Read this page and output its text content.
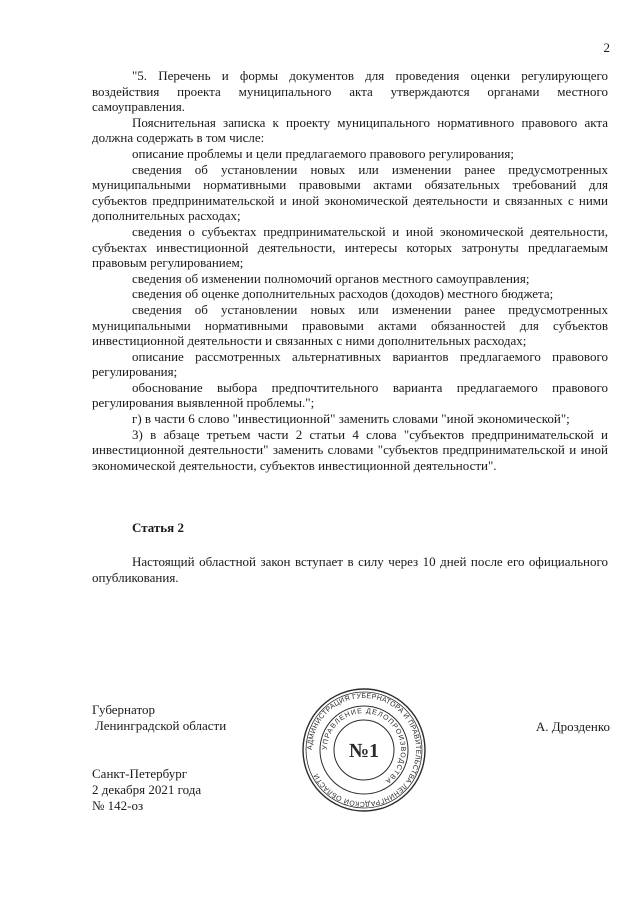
2

"5. Перечень и формы документов для проведения оценки регулирующего воздействия проекта муниципального акта утверждаются органами местного самоуправления.

Пояснительная записка к проекту муниципального нормативного правового акта должна содержать в том числе:

описание проблемы и цели предлагаемого правового регулирования;

сведения об установлении новых или изменении ранее предусмотренных муниципальными нормативными правовыми актами обязательных требований для субъектов предпринимательской и иной экономической деятельности и связанных с ними дополнительных расходах;

сведения о субъектах предпринимательской и иной экономической деятельности, субъектах инвестиционной деятельности, интересы которых затронуты предлагаемым правовым регулированием;

сведения об изменении полномочий органов местного самоуправления;

сведения об оценке дополнительных расходов (доходов) местного бюджета;

сведения об установлении новых или изменении ранее предусмотренных муниципальными нормативными правовыми актами обязанностей для субъектов инвестиционной деятельности и связанных с ними дополнительных расходах;

описание рассмотренных альтернативных вариантов предлагаемого правового регулирования;

обоснование выбора предпочтительного варианта предлагаемого правового регулирования выявленной проблемы.";

г) в части 6 слово "инвестиционной" заменить словами "иной экономической";

3) в абзаце третьем части 2 статьи 4 слова "субъектов предпринимательской и инвестиционной деятельности" заменить словами "субъектов предпринимательской и иной экономической деятельности, субъектов инвестиционной деятельности".

Статья 2

Настоящий областной закон вступает в силу через 10 дней после его официального опубликования.

Губернатор
Ленинградской области	А. Дрозденко
АДМИНИСТРАЦИЯ ГУБЕРНАТОРА И ПРАВИТЕЛЬСТВА ЛЕНИНГРАДСКОЙ ОБЛАСТИ
УПРАВЛЕНИЕ ДЕЛОПРОИЗВОДСТВА
№1
Санкт-Петербург
2 декабря 2021 года
№ 142-оз
